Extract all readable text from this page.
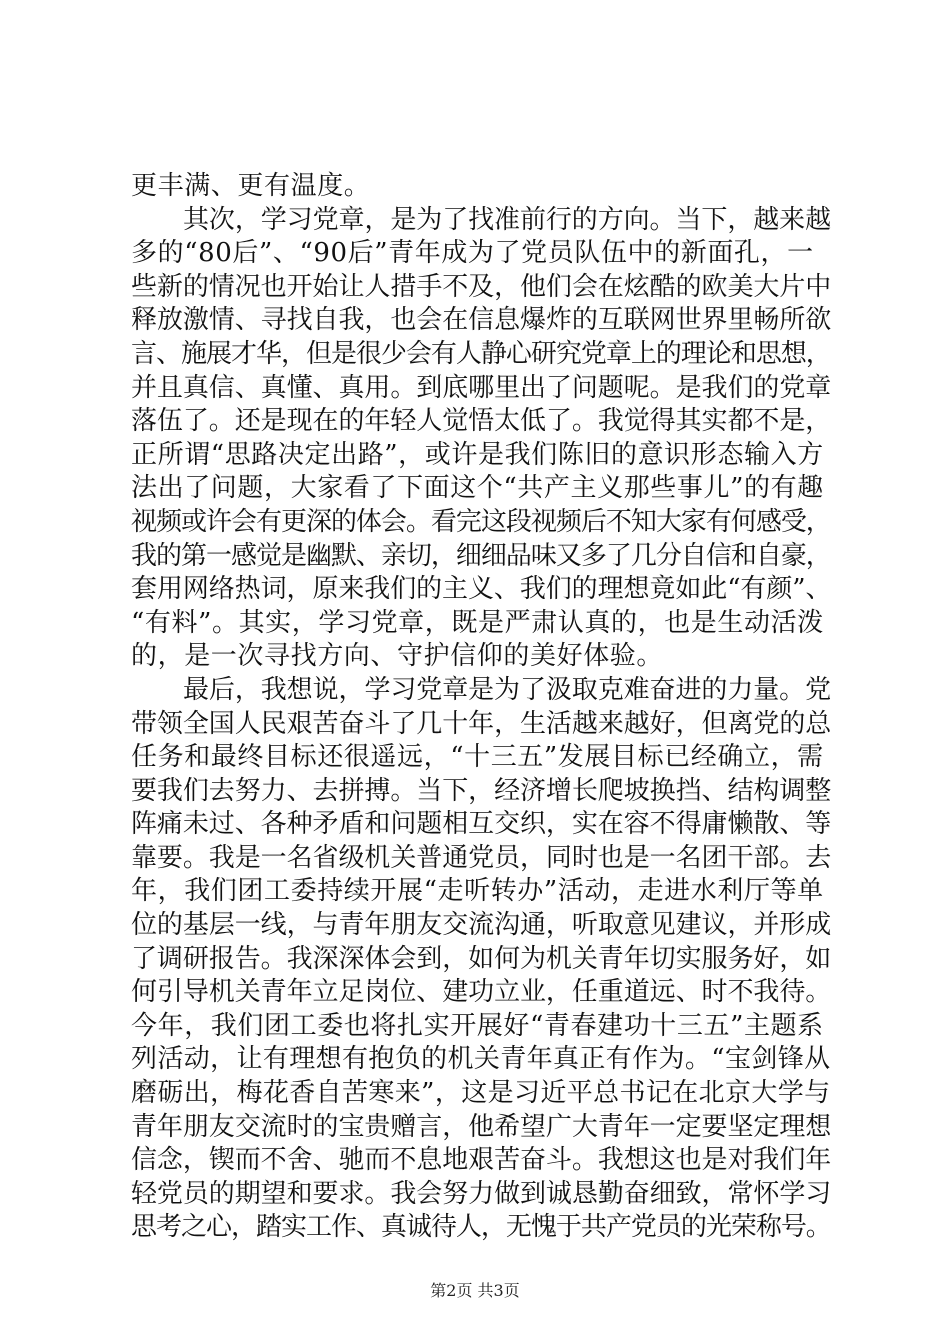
更丰满、更有温度。
其次，学习党章，是为了找准前行的方向。当下，越来越
多的“80后”、“90后”青年成为了党员队伍中的新面孔，一
些新的情况也开始让人措手不及，他们会在炫酷的欧美大片中
释放激情、寻找自我，也会在信息爆炸的互联网世界里畅所欲
言、施展才华，但是很少会有人静心研究党章上的理论和思想，
并且真信、真懂、真用。到底哪里出了问题呢。是我们的党章
落伍了。还是现在的年轻人觉悟太低了。我觉得其实都不是，
正所谓“思路决定出路”，或许是我们陈旧的意识形态输入方
法出了问题，大家看了下面这个“共产主义那些事儿”的有趣
视频或许会有更深的体会。看完这段视频后不知大家有何感受，
我的第一感觉是幽默、亲切，细细品味又多了几分自信和自豪，
套用网络热词，原来我们的主义、我们的理想竟如此“有颜”、
“有料”。其实，学习党章，既是严肃认真的，也是生动活泼
的，是一次寻找方向、守护信仰的美好体验。
最后，我想说，学习党章是为了汲取克难奋进的力量。党
带领全国人民艰苦奋斗了几十年，生活越来越好，但离党的总
任务和最终目标还很遥远，“十三五”发展目标已经确立，需
要我们去努力、去拼搏。当下，经济增长爬坡换挡、结构调整
阵痛未过、各种矛盾和问题相互交织，实在容不得庸懒散、等
靠要。我是一名省级机关普通党员，同时也是一名团干部。去
年，我们团工委持续开展“走听转办”活动，走进水利厅等单
位的基层一线，与青年朋友交流沟通，听取意见建议，并形成
了调研报告。我深深体会到，如何为机关青年切实服务好，如
何引导机关青年立足岗位、建功立业，任重道远、时不我待。
今年，我们团工委也将扎实开展好“青春建功十三五”主题系
列活动，让有理想有抱负的机关青年真正有作为。“宝剑锋从
磨砺出，梅花香自苦寒来”，这是习近平总书记在北京大学与
青年朋友交流时的宝贵赠言，他希望广大青年一定要坚定理想
信念，锲而不舍、驰而不息地艰苦奋斗。我想这也是对我们年
轻党员的期望和要求。我会努力做到诚恳勤奋细致，常怀学习
思考之心，踏实工作、真诚待人，无愧于共产党员的光荣称号。
第2页 共3页
